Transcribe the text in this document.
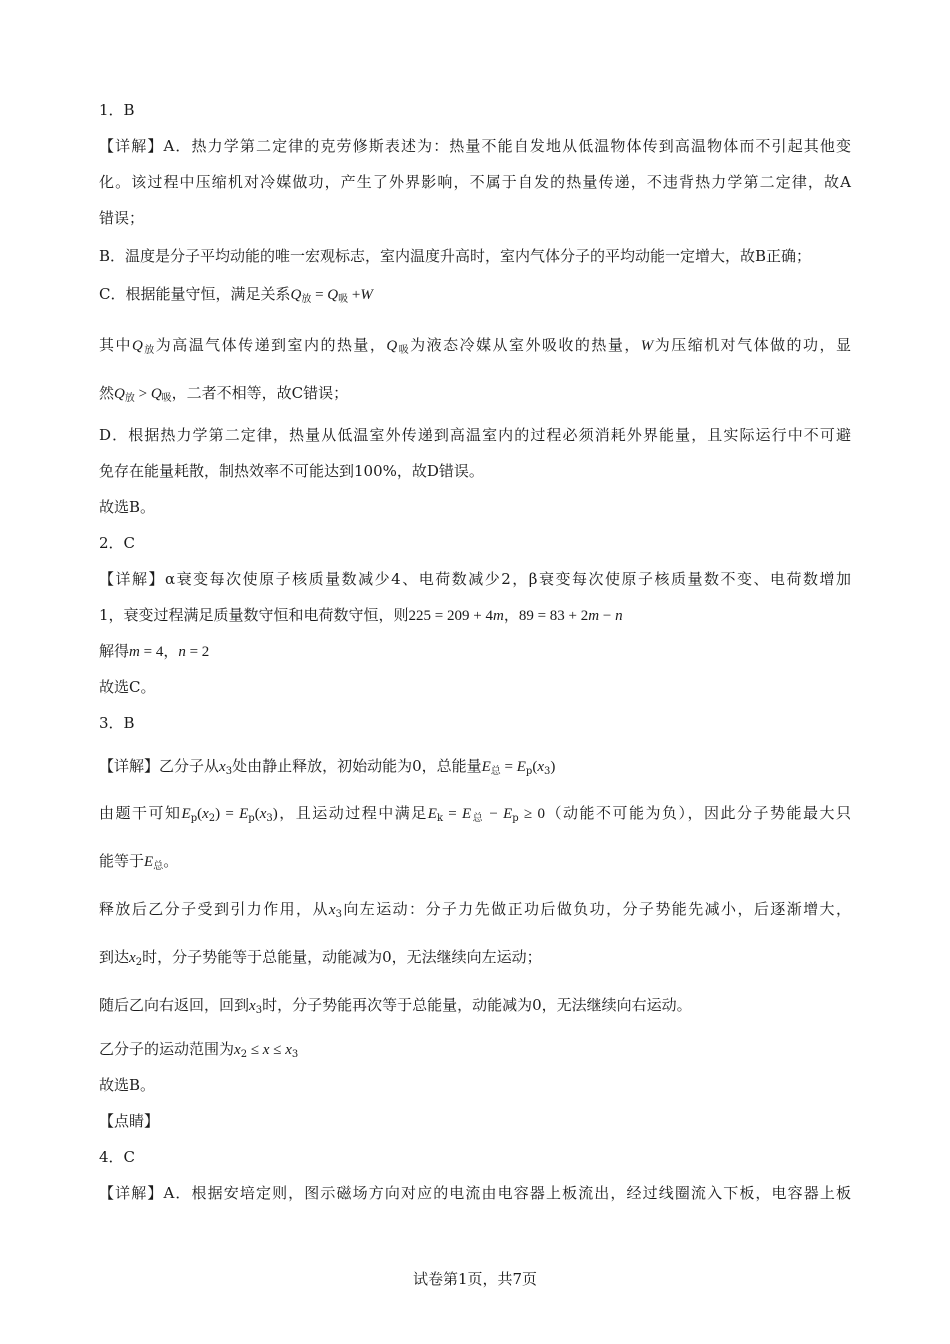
1．B
【详解】A．热力学第二定律的克劳修斯表述为：热量不能自发地从低温物体传到高温物体而不引起其他变
化。该过程中压缩机对冷媒做功，产生了外界影响，不属于自发的热量传递，不违背热力学第二定律，故A
错误；
B．温度是分子平均动能的唯一宏观标志，室内温度升高时，室内气体分子的平均动能一定增大，故B正确；
C．根据能量守恒，满足关系$Q_放 = Q_吸 +W$
其中$Q_放$为高温气体传递到室内的热量，$Q_吸$为液态冷媒从室外吸收的热量，W为压缩机对气体做的功，显
然$Q_放 > Q_吸$，二者不相等，故C错误；
D．根据热力学第二定律，热量从低温室外传递到高温室内的过程必须消耗外界能量，且实际运行中不可避
免存在能量耗散，制热效率不可能达到100%，故D错误。
故选B。
2．C
【详解】α衰变每次使原子核质量数减少4、电荷数减少2，β衰变每次使原子核质量数不变、电荷数增加
1，衰变过程满足质量数守恒和电荷数守恒，则225 = 209 + 4m，89 = 83 + 2m − n
解得m = 4，n = 2
故选C。
3．B
【详解】乙分子从$x_3$处由静止释放，初始动能为0，总能量$E_总 = E_p(x_3)$
由题干可知$E_p(x_2) = E_p(x_3)$，且运动过程中满足$E_k = E_总 - E_p \ge 0$（动能不可能为负），因此分子势能最大只
能等于$E_总$。
释放后乙分子受到引力作用，从$x_3$向左运动：分子力先做正功后做负功，分子势能先减小，后逐渐增大，
到达$x_2$时，分子势能等于总能量，动能减为0，无法继续向左运动；
随后乙向右返回，回到$x_3$时，分子势能再次等于总能量，动能减为0，无法继续向右运动。
乙分子的运动范围为$x_2 \le x \le x_3$
故选B。
【点睛】
4．C
【详解】A．根据安培定则，图示磁场方向对应的电流由电容器上板流出，经过线圈流入下板，电容器上板
试卷第1页，共7页
